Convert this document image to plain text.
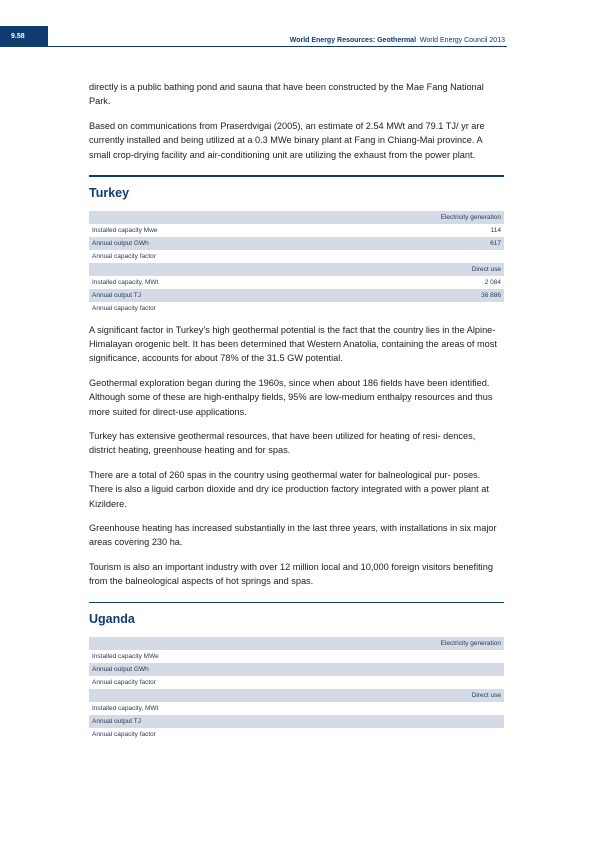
9.58
World Energy Resources: Geothermal World Energy Council 2013

directly is a public bathing pond and sauna that have been constructed by the Mae Fang National Park.

Based on communications from Praserdvigai (2005), an estimate of 2.54 MWt and 79.1 TJ/ yr are currently installed and being utilized at a 0.3 MWe binary plant at Fang in Chiang-Mai province. A small crop-drying facility and air-conditioning unit are utilizing the exhaust from the power plant.

Turkey
	Electricity generation
Installed capacity Mwe	114
Annual output GWh	617
Annual capacity factor	
	Direct use
Installed capacity, MWt	2 084
Annual output TJ	36 886
Annual capacity factor	

A significant factor in Turkey’s high geothermal potential is the fact that the country lies in the Alpine-Himalayan orogenic belt. It has been determined that Western Anatolia, containing the areas of most significance, accounts for about 78% of the 31.5 GW potential.

Geothermal exploration began during the 1960s, since when about 186 fields have been identified. Although some of these are high-enthalpy fields, 95% are low-medium enthalpy resources and thus more suited for direct-use applications.

Turkey has extensive geothermal resources, that have been utilized for heating of resi- dences, district heating, greenhouse heating and for spas.

There are a total of 260 spas in the country using geothermal water for balneological pur- poses. There is also a liguid carbon dioxide and dry ice production factory integrated with a power plant at Kizildere.

Greenhouse heating has increased substantially in the last three years, with installations in six major areas covering 230 ha.

Tourism is also an important industry with over 12 million local and 10,000 foreign visitors benefiting from the balneological aspects of hot springs and spas.

Uganda
	Electricity generation
Installed capacity MWe	
Annual output GWh	
Annual capacity factor	
	Direct use
Installed capacity, MWt	
Annual output TJ	
Annual capacity factor	
